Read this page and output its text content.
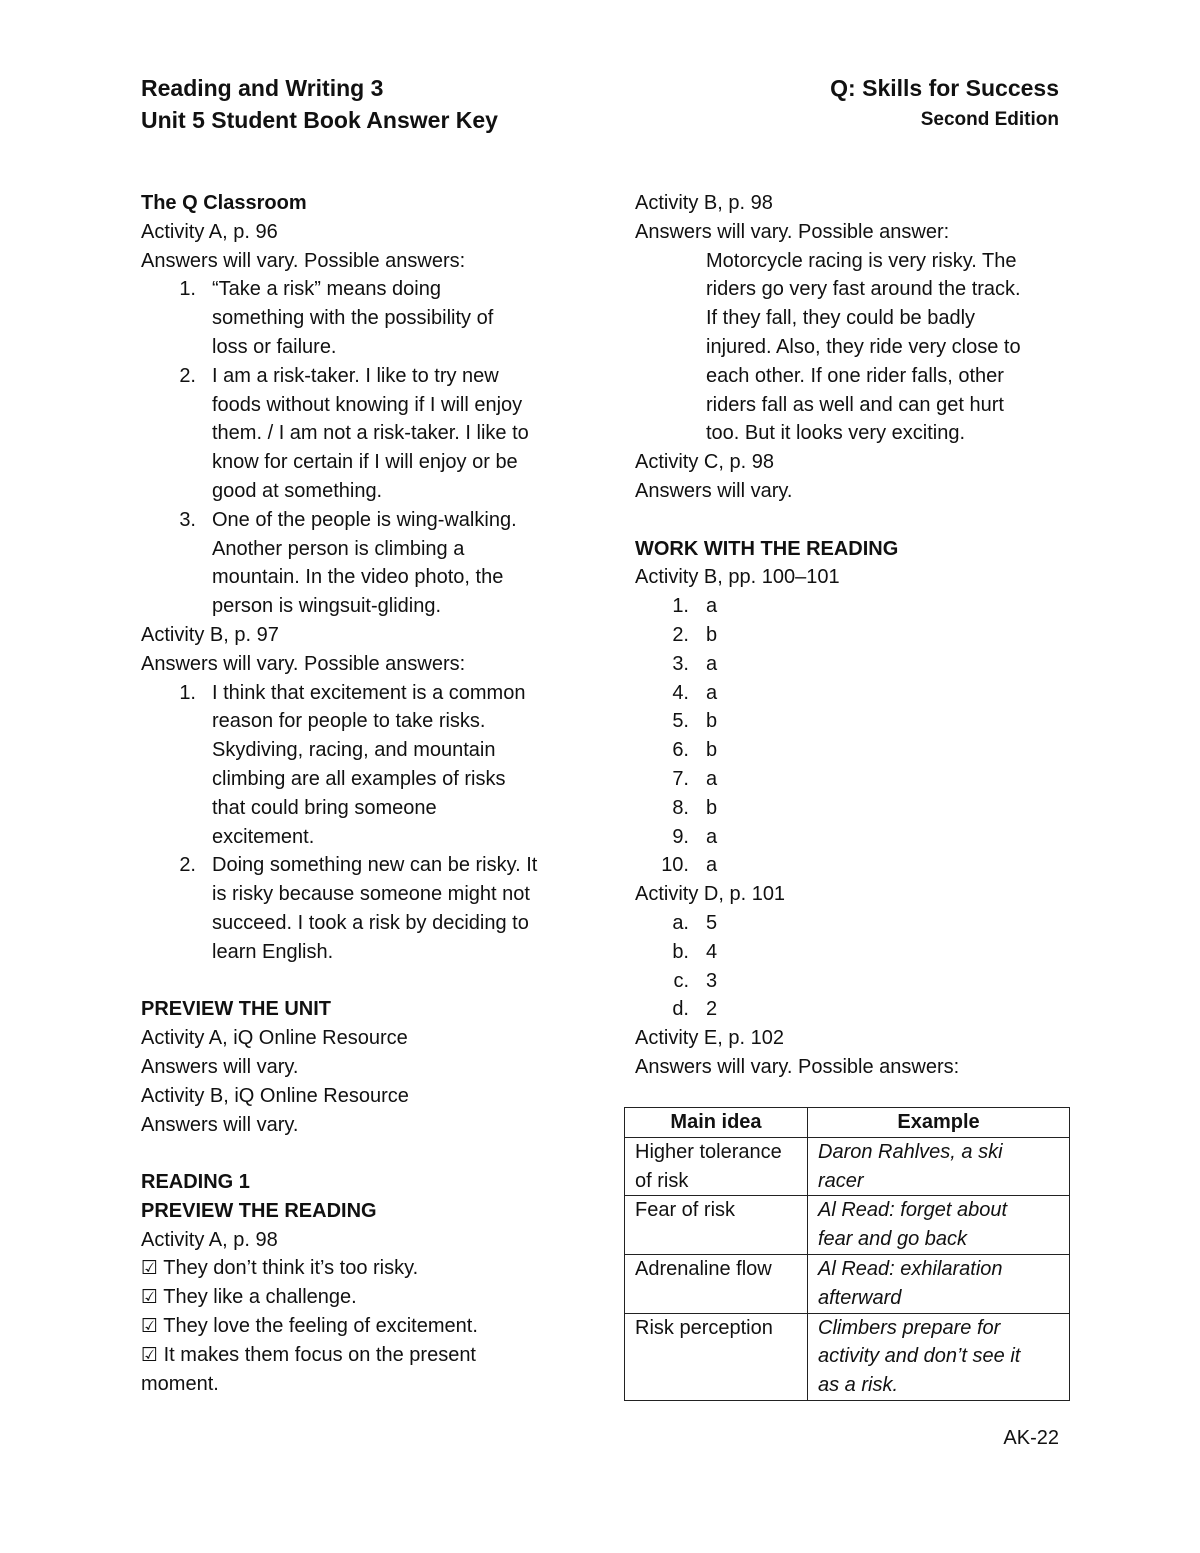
Reading and Writing 3
Unit 5 Student Book Answer Key
Q: Skills for Success
Second Edition
The Q Classroom
Activity A, p. 96
Answers will vary. Possible answers:
1. “Take a risk” means doing
something with the possibility of
loss or failure.
2. I am a risk-taker. I like to try new
foods without knowing if I will enjoy
them. / I am not a risk-taker. I like to
know for certain if I will enjoy or be
good at something.
3. One of the people is wing-walking.
Another person is climbing a
mountain. In the video photo, the
person is wingsuit-gliding.
Activity B, p. 97
Answers will vary. Possible answers:
1. I think that excitement is a common
reason for people to take risks.
Skydiving, racing, and mountain
climbing are all examples of risks
that could bring someone
excitement.
2. Doing something new can be risky. It
is risky because someone might not
succeed. I took a risk by deciding to
learn English.
PREVIEW THE UNIT
Activity A, iQ Online Resource
Answers will vary.
Activity B, iQ Online Resource
Answers will vary.
READING 1
PREVIEW THE READING
Activity A, p. 98
☑ They don’t think it’s too risky.
☑ They like a challenge.
☑ They love the feeling of excitement.
☑ It makes them focus on the present
moment.
Activity B, p. 98
Answers will vary. Possible answer:
Motorcycle racing is very risky. The
riders go very fast around the track.
If they fall, they could be badly
injured. Also, they ride very close to
each other. If one rider falls, other
riders fall as well and can get hurt
too. But it looks very exciting.
Activity C, p. 98
Answers will vary.
WORK WITH THE READING
Activity B, pp. 100–101
1. a
2. b
3. a
4. a
5. b
6. b
7. a
8. b
9. a
10. a
Activity D, p. 101
a. 5
b. 4
c. 3
d. 2
Activity E, p. 102
Answers will vary. Possible answers:
Main idea	Example

Higher tolerance
of risk	Daron Rahlves, a ski
racer

Fear of risk	Al Read: forget about
fear and go back

Adrenaline flow	Al Read: exhilaration
afterward

Risk perception	Climbers prepare for
activity and don’t see it
as a risk.
AK-22
